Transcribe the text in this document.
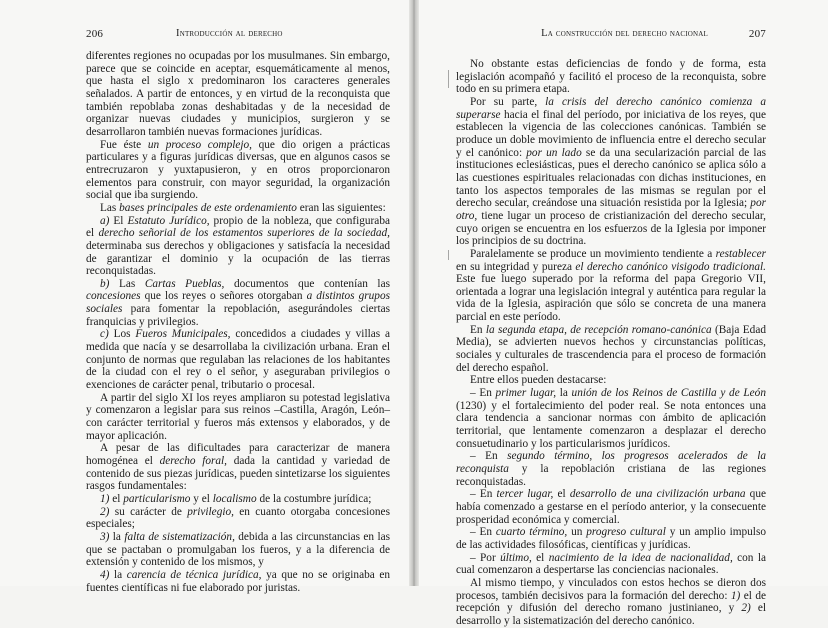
206	Introducción al derecho

diferentes regiones no ocupadas por los musulmanes. Sin embargo, parece que se coincide en aceptar, esquemáticamente al menos, que hasta el siglo x predominaron los caracteres generales señalados. A partir de entonces, y en virtud de la reconquista que también repoblaba zonas deshabitadas y de la necesidad de organizar nuevas ciudades y municipios, surgieron y se desarrollaron también nuevas formaciones jurídicas.

Fue éste un proceso complejo, que dio origen a prácticas particulares y a figuras jurídicas diversas, que en algunos casos se entrecruzaron y yuxtapusieron, y en otros proporcionaron elementos para construir, con mayor seguridad, la organización social que iba surgiendo.

Las bases principales de este ordenamiento eran las siguientes:

a) El Estatuto Jurídico, propio de la nobleza, que configuraba el derecho señorial de los estamentos superiores de la sociedad, determinaba sus derechos y obligaciones y satisfacía la necesidad de garantizar el dominio y la ocupación de las tierras reconquistadas.

b) Las Cartas Pueblas, documentos que contenían las concesiones que los reyes o señores otorgaban a distintos grupos sociales para fomentar la repoblación, asegurándoles ciertas franquicias y privilegios.

c) Los Fueros Municipales, concedidos a ciudades y villas a medida que nacía y se desarrollaba la civilización urbana. Eran el conjunto de normas que regulaban las relaciones de los habitantes de la ciudad con el rey o el señor, y aseguraban privilegios o exenciones de carácter penal, tributario o procesal.

A partir del siglo XI los reyes ampliaron su potestad legislativa y comenzaron a legislar para sus reinos –Castilla, Aragón, León– con carácter territorial y fueros más extensos y elaborados, y de mayor aplicación.

A pesar de las dificultades para caracterizar de manera homogénea el derecho foral, dada la cantidad y variedad de contenido de sus piezas jurídicas, pueden sintetizarse los siguientes rasgos fundamentales:

1) el particularismo y el localismo de la costumbre jurídica;

2) su carácter de privilegio, en cuanto otorgaba concesiones especiales;

3) la falta de sistematización, debida a las circunstancias en las que se pactaban o promulgaban los fueros, y a la diferencia de extensión y contenido de los mismos, y

4) la carencia de técnica jurídica, ya que no se originaba en fuentes científicas ni fue elaborado por juristas.

La construcción del derecho nacional	207

No obstante estas deficiencias de fondo y de forma, esta legislación acompañó y facilitó el proceso de la reconquista, sobre todo en su primera etapa.

Por su parte, la crisis del derecho canónico comienza a superarse hacia el final del período, por iniciativa de los reyes, que establecen la vigencia de las colecciones canónicas. También se produce un doble movimiento de influencia entre el derecho secular y el canónico: por un lado se da una secularización parcial de las instituciones eclesiásticas, pues el derecho canónico se aplica sólo a las cuestiones espirituales relacionadas con dichas instituciones, en tanto los aspectos temporales de las mismas se regulan por el derecho secular, creándose una situación resistida por la Iglesia; por otro, tiene lugar un proceso de cristianización del derecho secular, cuyo origen se encuentra en los esfuerzos de la Iglesia por imponer los principios de su doctrina.

Paralelamente se produce un movimiento tendiente a restablecer en su integridad y pureza el derecho canónico visigodo tradicional. Este fue luego superado por la reforma del papa Gregorio VII, orientada a lograr una legislación integral y auténtica para regular la vida de la Iglesia, aspiración que sólo se concreta de una manera parcial en este período.

En la segunda etapa, de recepción romano-canónica (Baja Edad Media), se advierten nuevos hechos y circunstancias políticas, sociales y culturales de trascendencia para el proceso de formación del derecho español.

Entre ellos pueden destacarse:

– En primer lugar, la unión de los Reinos de Castilla y de León (1230) y el fortalecimiento del poder real. Se nota entonces una clara tendencia a sancionar normas con ámbito de aplicación territorial, que lentamente comenzaron a desplazar el derecho consuetudinario y los particularismos jurídicos.

– En segundo término, los progresos acelerados de la reconquista y la repoblación cristiana de las regiones reconquistadas.

– En tercer lugar, el desarrollo de una civilización urbana que había comenzado a gestarse en el período anterior, y la consecuente prosperidad económica y comercial.

– En cuarto término, un progreso cultural y un amplio impulso de las actividades filosóficas, científicas y jurídicas.

– Por último, el nacimiento de la idea de nacionalidad, con la cual comenzaron a despertarse las conciencias nacionales.

Al mismo tiempo, y vinculados con estos hechos se dieron dos procesos, también decisivos para la formación del derecho: 1) el de recepción y difusión del derecho romano justinianeo, y 2) el desarrollo y la sistematización del derecho canónico.
